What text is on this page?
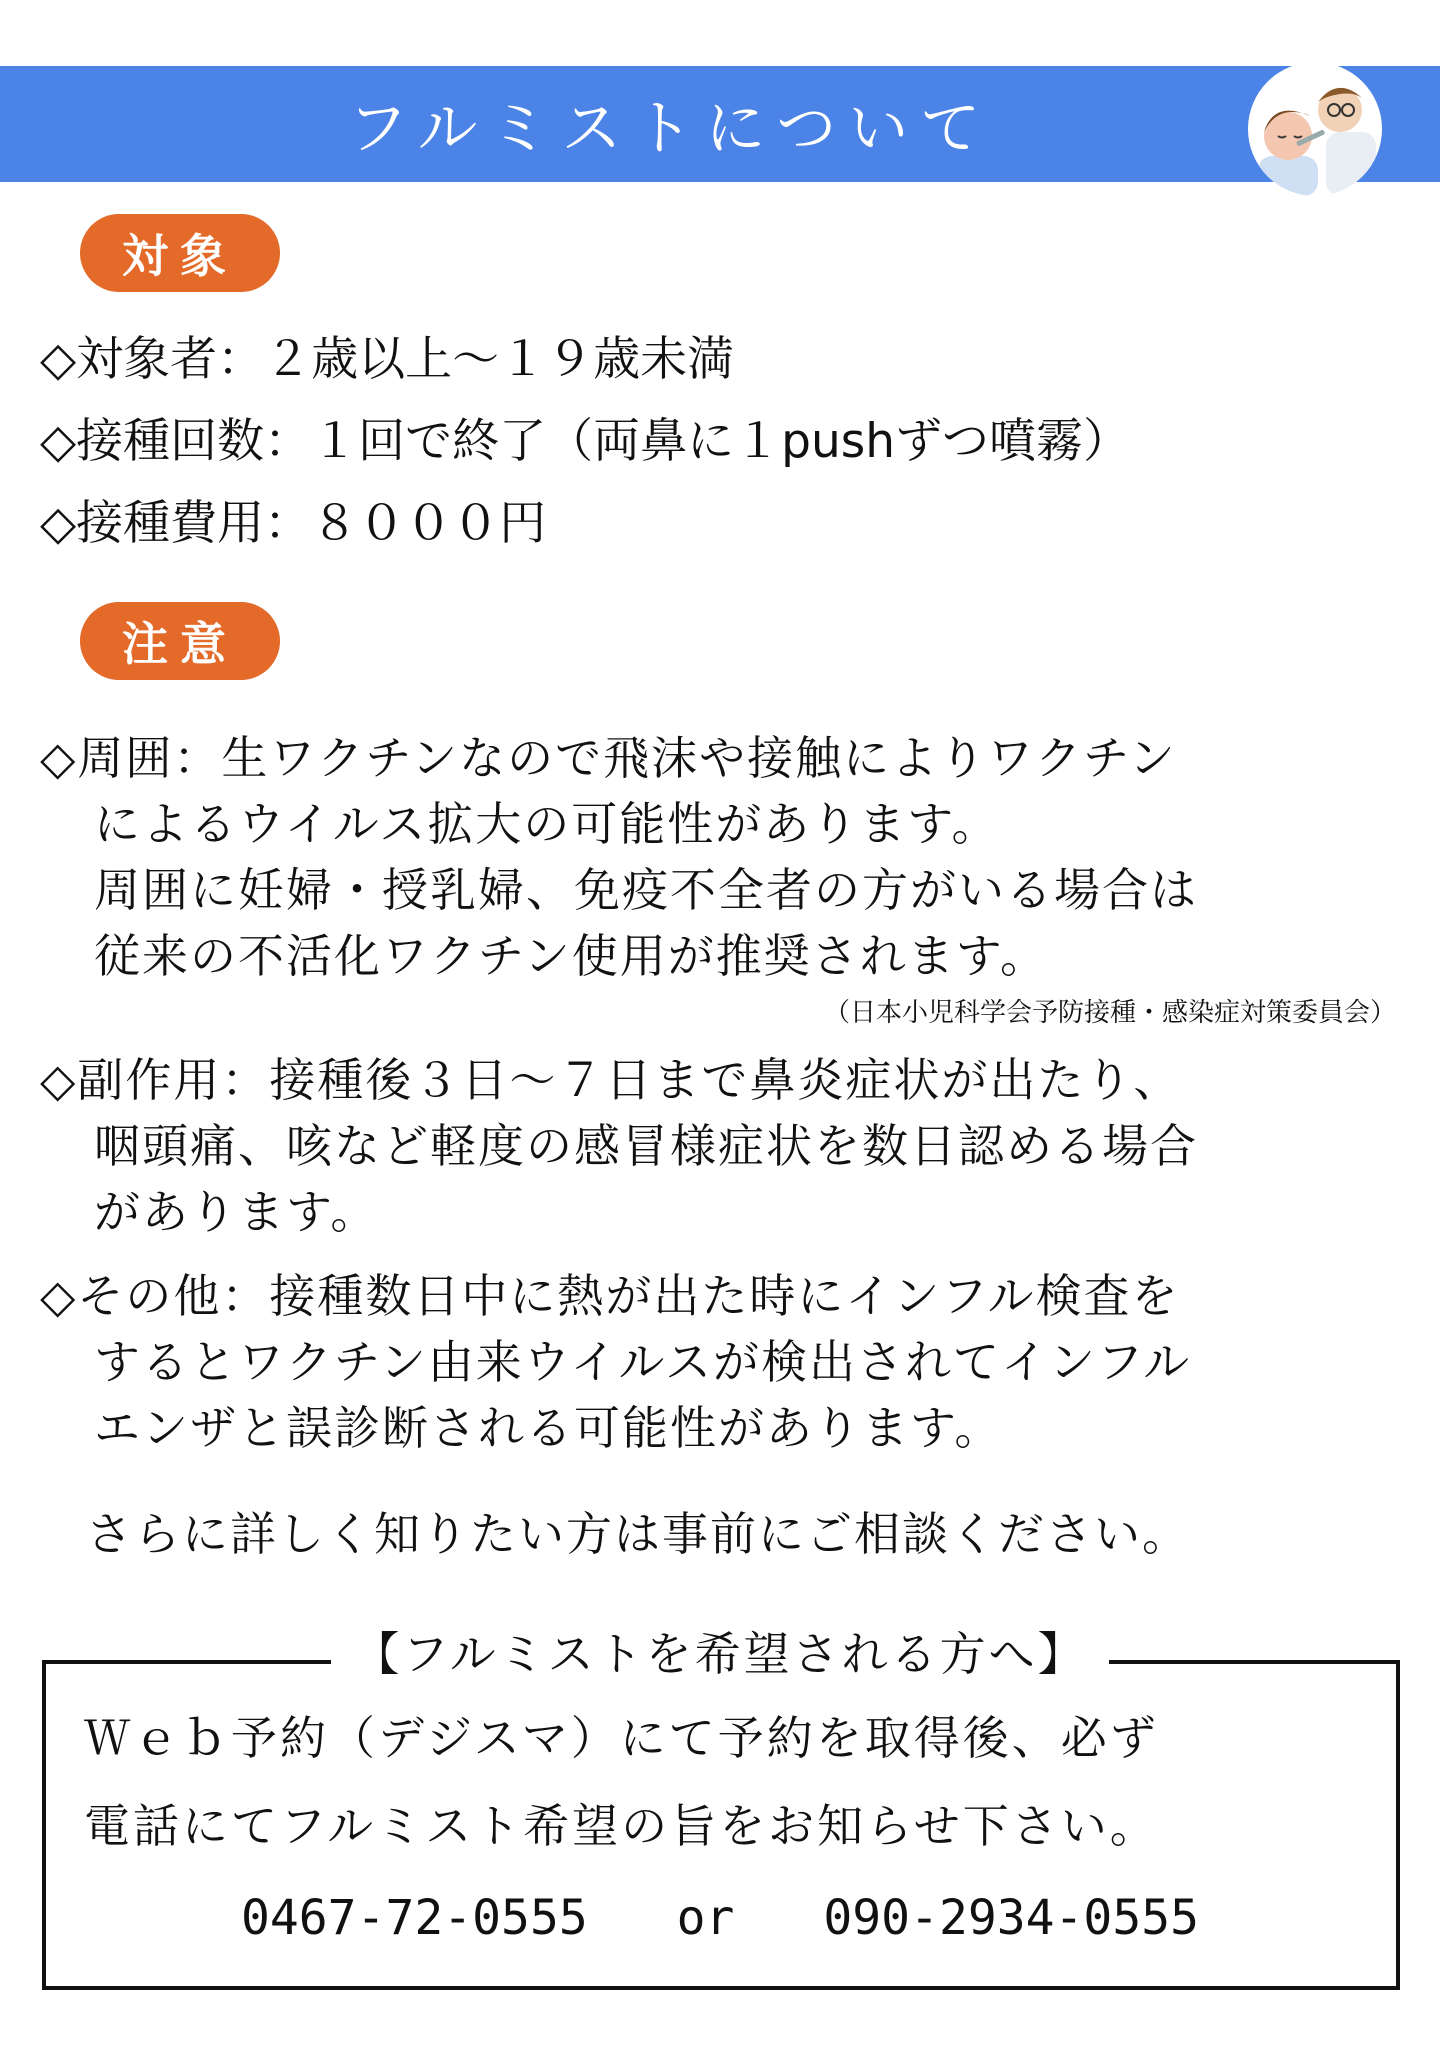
フルミストについて
対象
◇対象者：２歳以上～１９歳未満
◇接種回数：１回で終了（両鼻に１pushずつ噴霧）
◇接種費用：８０００円
注意
◇周囲：生ワクチンなので飛沫や接触によりワクチン
によるウイルス拡大の可能性があります。
周囲に妊婦・授乳婦、免疫不全者の方がいる場合は
従来の不活化ワクチン使用が推奨されます。
（日本小児科学会予防接種・感染症対策委員会）
◇副作用：接種後３日～７日まで鼻炎症状が出たり、
咽頭痛、咳など軽度の感冒様症状を数日認める場合
があります。
◇その他：接種数日中に熱が出た時にインフル検査を
するとワクチン由来ウイルスが検出されてインフル
エンザと誤診断される可能性があります。
さらに詳しく知りたい方は事前にご相談ください。
【フルミストを希望される方へ】
Ｗｅｂ予約（デジスマ）にて予約を取得後、必ず
電話にてフルミスト希望の旨をお知らせ下さい。
0467-72-0555 or 090-2934-0555
